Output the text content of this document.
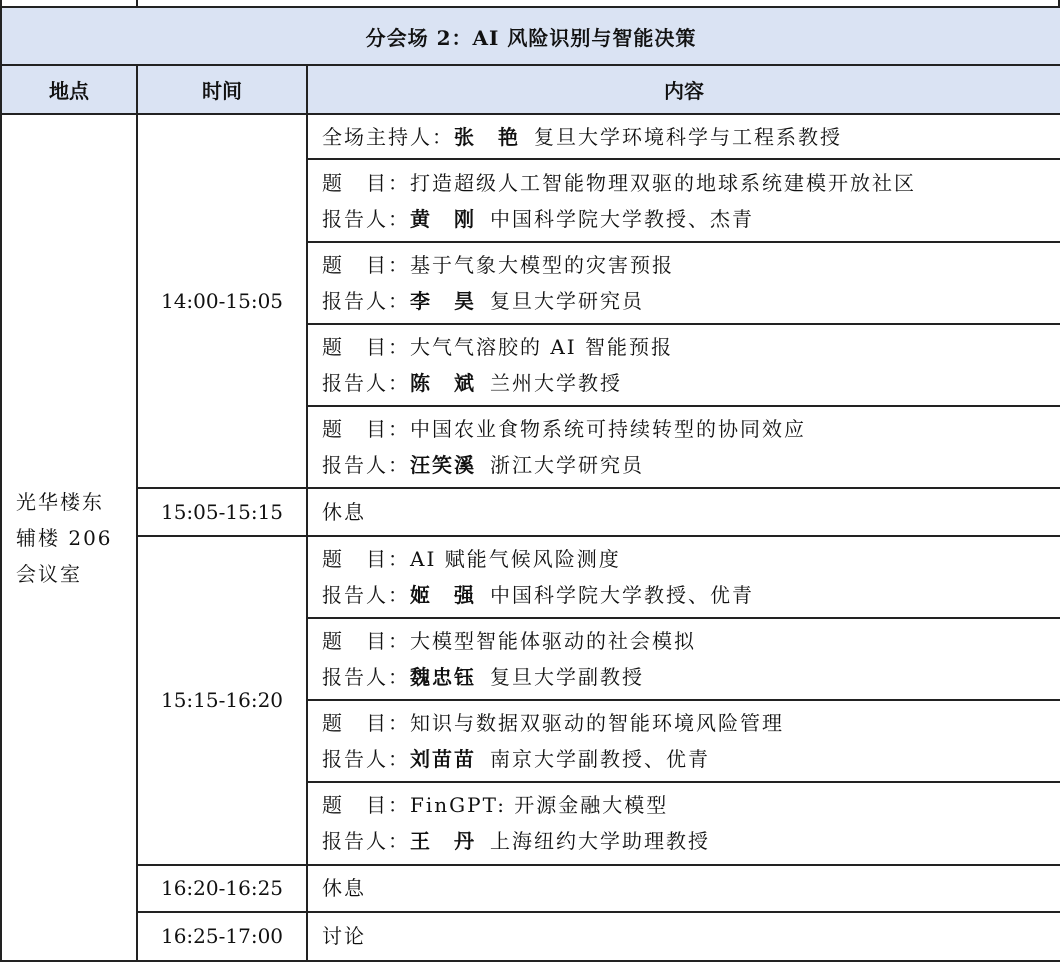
分会场 2：AI 风险识别与智能决策		
地点	时间	内容

光华楼东
辅楼 206
会议室	14:00-15:05	全场主持人：张　艳 复旦大学环境科学与工程系教授

		题　目：打造超级人工智能物理双驱的地球系统建模开放社区
报告人：黄　刚 中国科学院大学教授、杰青

		题　目：基于气象大模型的灾害预报
报告人：李　昊 复旦大学研究员

		题　目：大气气溶胶的 AI 智能预报
报告人：陈　斌 兰州大学教授

		题　目：中国农业食物系统可持续转型的协同效应
报告人：汪笑溪 浙江大学研究员

	15:05-15:15	休息

	15:15-16:20	题　目：AI 赋能气候风险测度
报告人：姬　强 中国科学院大学教授、优青

		题　目：大模型智能体驱动的社会模拟
报告人：魏忠钰 复旦大学副教授

		题　目：知识与数据双驱动的智能环境风险管理
报告人：刘苗苗 南京大学副教授、优青

		题　目：FinGPT: 开源金融大模型
报告人：王　丹 上海纽约大学助理教授

	16:20-16:25	休息

	16:25-17:00	讨论
